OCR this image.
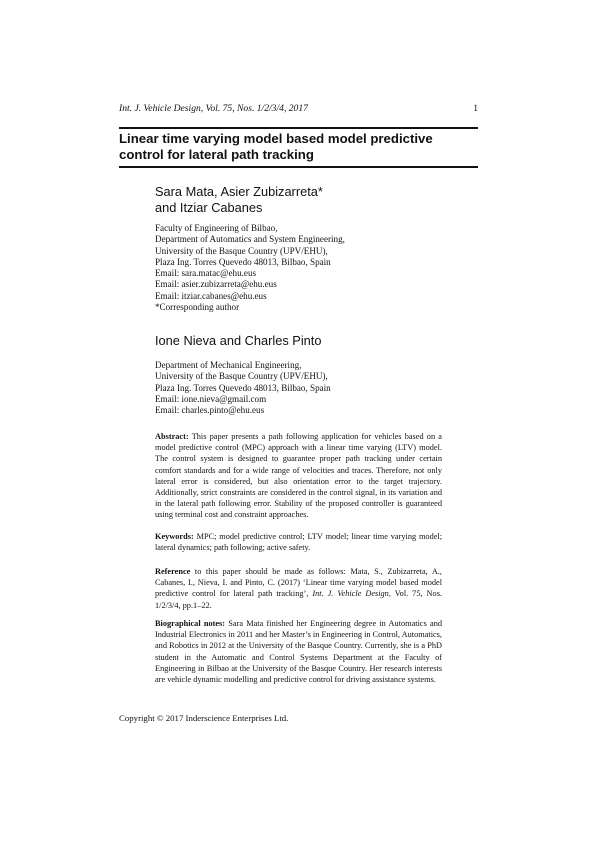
Int. J. Vehicle Design, Vol. 75, Nos. 1/2/3/4, 2017	1
Linear time varying model based model predictive
control for lateral path tracking
Sara Mata, Asier Zubizarreta*
and Itziar Cabanes
Faculty of Engineering of Bilbao,
Department of Automatics and System Engineering,
University of the Basque Country (UPV/EHU),
Plaza Ing. Torres Quevedo 48013, Bilbao, Spain
Email: sara.matac@ehu.eus
Email: asier.zubizarreta@ehu.eus
Email: itziar.cabanes@ehu.eus
*Corresponding author
Ione Nieva and Charles Pinto
Department of Mechanical Engineering,
University of the Basque Country (UPV/EHU),
Plaza Ing. Torres Quevedo 48013, Bilbao, Spain
Email: ione.nieva@gmail.com
Email: charles.pinto@ehu.eus
Abstract: This paper presents a path following application for vehicles based on a model predictive control (MPC) approach with a linear time varying (LTV) model. The control system is designed to guarantee proper path tracking under certain comfort standards and for a wide range of velocities and traces. Therefore, not only lateral error is considered, but also orientation error to the target trajectory. Additionally, strict constraints are considered in the control signal, in its variation and in the lateral path following error. Stability of the proposed controller is guaranteed using terminal cost and constraint approaches.
Keywords: MPC; model predictive control; LTV model; linear time varying model; lateral dynamics; path following; active safety.
Reference to this paper should be made as follows: Mata, S., Zubizarreta, A., Cabanes, I., Nieva, I. and Pinto, C. (2017) ‘Linear time varying model based model predictive control for lateral path tracking’, Int. J. Vehicle Design, Vol. 75, Nos. 1/2/3/4, pp.1–22.
Biographical notes: Sara Mata finished her Engineering degree in Automatics and Industrial Electronics in 2011 and her Master’s in Engineering in Control, Automatics, and Robotics in 2012 at the University of the Basque Country. Currently, she is a PhD student in the Automatic and Control Systems Department at the Faculty of Engineering in Bilbao at the University of the Basque Country. Her research interests are vehicle dynamic modelling and predictive control for driving assistance systems.
Copyright © 2017 Inderscience Enterprises Ltd.
